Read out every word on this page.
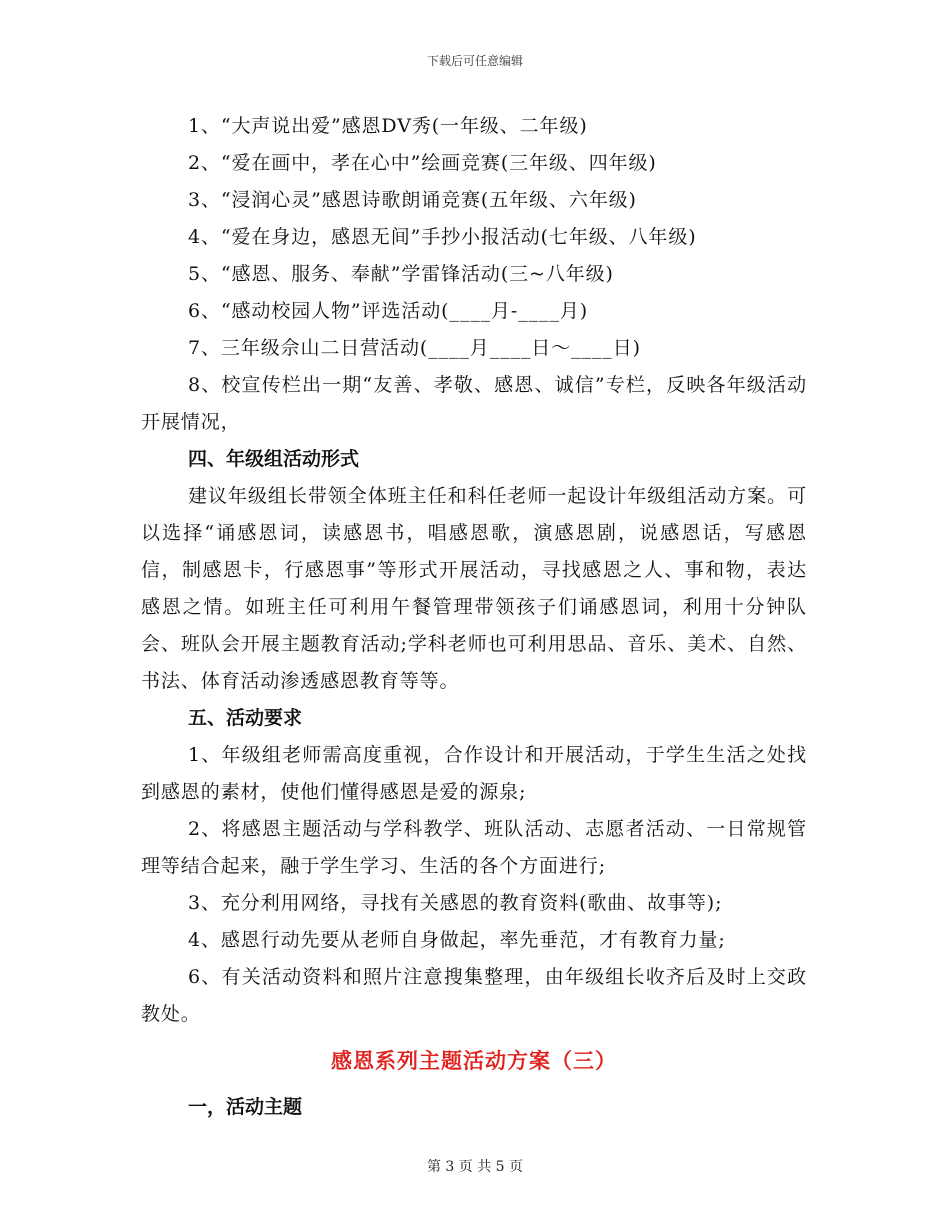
下载后可任意编辑

1、“大声说出爱”感恩DV秀(一年级、二年级)

2、“爱在画中，孝在心中”绘画竞赛(三年级、四年级)

3、“浸润心灵”感恩诗歌朗诵竞赛(五年级、六年级)

4、“爱在身边，感恩无间”手抄小报活动(七年级、八年级)

5、“感恩、服务、奉献”学雷锋活动(三~八年级)

6、“感动校园人物”评选活动(____月-____月)

7、三年级佘山二日营活动(____月____日～____日)

8、校宣传栏出一期“友善、孝敬、感恩、诚信”专栏，反映各年级活动开展情况，

四、年级组活动形式

建议年级组长带领全体班主任和科任老师一起设计年级组活动方案。可以选择“诵感恩词，读感恩书，唱感恩歌，演感恩剧，说感恩话，写感恩信，制感恩卡，行感恩事”等形式开展活动，寻找感恩之人、事和物，表达感恩之情。如班主任可利用午餐管理带领孩子们诵感恩词，利用十分钟队会、班队会开展主题教育活动;学科老师也可利用思品、音乐、美术、自然、书法、体育活动渗透感恩教育等等。

五、活动要求

1、年级组老师需高度重视，合作设计和开展活动，于学生生活之处找到感恩的素材，使他们懂得感恩是爱的源泉;

2、将感恩主题活动与学科教学、班队活动、志愿者活动、一日常规管理等结合起来，融于学生学习、生活的各个方面进行;

3、充分利用网络，寻找有关感恩的教育资料(歌曲、故事等);

4、感恩行动先要从老师自身做起，率先垂范，才有教育力量;

6、有关活动资料和照片注意搜集整理，由年级组长收齐后及时上交政教处。

感恩系列主题活动方案（三）

一，活动主题

第 3 页 共 5 页
